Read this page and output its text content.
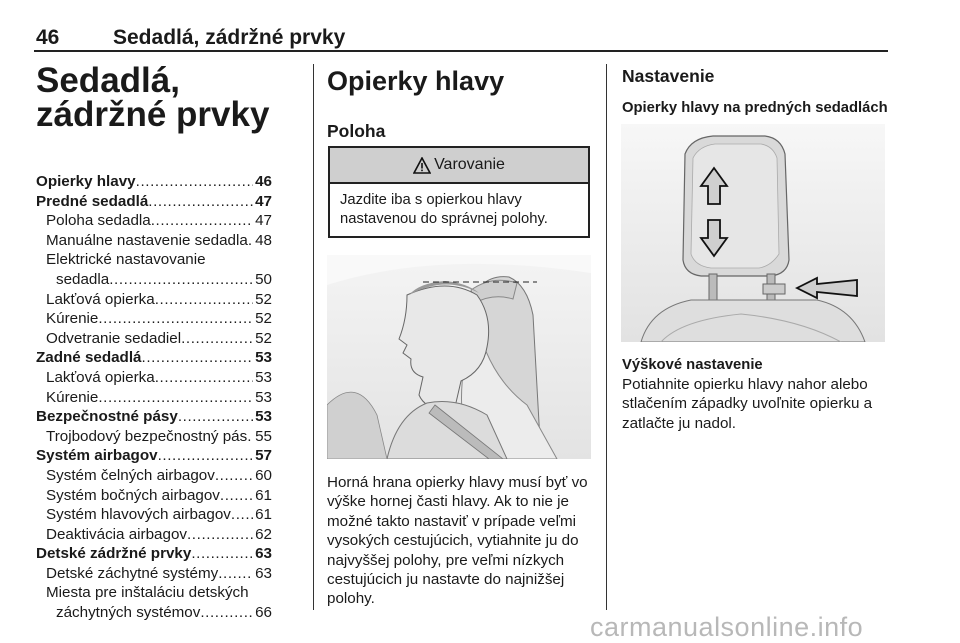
46	Sedadlá, zádržné prvky
Sedadlá, zádržné prvky
Opierky hlavy .....	46
Predné sedadlá .....	47
Poloha sedadla .....	47
Manuálne nastavenie sedadla ..... 48
Elektrické nastavovanie
sedadla .....	50
Lakťová opierka .....	52
Kúrenie .....	52
Odvetranie sedadiel .....	52
Zadné sedadlá .....	53
Lakťová opierka .....	53
Kúrenie .....	53
Bezpečnostné pásy .....	53
Trojbodový bezpečnostný pás ..... 55
Systém airbagov .....	57
Systém čelných airbagov .....	60
Systém bočných airbagov ..... 61
Systém hlavových airbagov ..... 61
Deaktivácia airbagov .....	62
Detské zádržné prvky .....	63
Detské záchytné systémy ..... 63
Miesta pre inštaláciu detských
záchytných systémov .....	66
Opierky hlavy
Poloha
Varovanie
Jazdite iba s opierkou hlavy nastavenou do správnej polohy.
Horná hrana opierky hlavy musí byť vo výške hornej časti hlavy. Ak to nie je možné takto nastaviť v prípade veľmi vysokých cestujúcich, vytiahnite ju do najvyššej polohy, pre veľmi nízkych cestujúcich ju nastavte do najnižšej polohy.
Nastavenie
Opierky hlavy na predných sedadlách
Výškové nastavenie
Potiahnite opierku hlavy nahor alebo stlačením západky uvoľnite opierku a zatlačte ju nadol.
carmanualsonline.info
